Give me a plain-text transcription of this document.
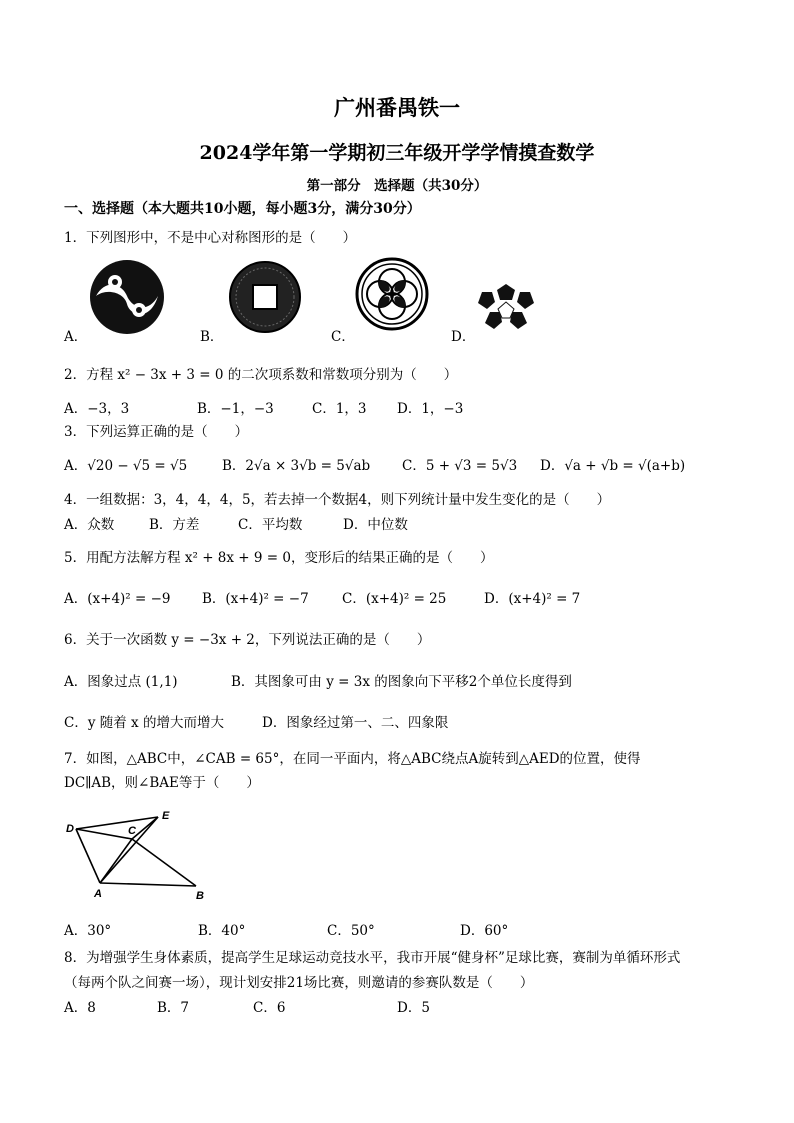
广州番禺铁一
2024学年第一学期初三年级开学学情摸查数学
第一部分　选择题（共30分）
一、选择题（本大题共10小题，每小题3分，满分30分）
1．下列图形中，不是中心对称图形的是（　　）
A．	B．	C．	D．
2．方程 x² − 3x + 3 = 0 的二次项系数和常数项分别为（　　）
A．−3，3	B．−1，−3	C．1，3 D．1，−3
3．下列运算正确的是（　　）
A．√20 − √5 = √5	B．2√a × 3√b = 5√ab C．5 + √3 = 5√3 D．√a + √b = √(a+b)
4．一组数据：3，4，4，4，5，若去掉一个数据4，则下列统计量中发生变化的是（　　）
A．众数	B．方差	C．平均数	D．中位数
5．用配方法解方程 x² + 8x + 9 = 0，变形后的结果正确的是（　　）
A．(x+4)² = −9 B．(x+4)² = −7 C．(x+4)² = 25	D．(x+4)² = 7
6．关于一次函数 y = −3x + 2，下列说法正确的是（　　）
A．图象过点 (1,1)	B．其图象可由 y = 3x 的图象向下平移2个单位长度得到
C．y 随着 x 的增大而增大	D．图象经过第一、二、四象限
7．如图，△ABC中，∠CAB = 65°，在同一平面内，将△ABC绕点A旋转到△AED的位置，使得
DC∥AB，则∠BAE等于（　　）
D
E
C
A	B
A．30°	B．40°	C．50°	D．60°
8．为增强学生身体素质，提高学生足球运动竞技水平，我市开展“健身杯”足球比赛，赛制为单循环形式
（每两个队之间赛一场），现计划安排21场比赛，则邀请的参赛队数是（　　）
A．8	B．7	C．6	D．5
